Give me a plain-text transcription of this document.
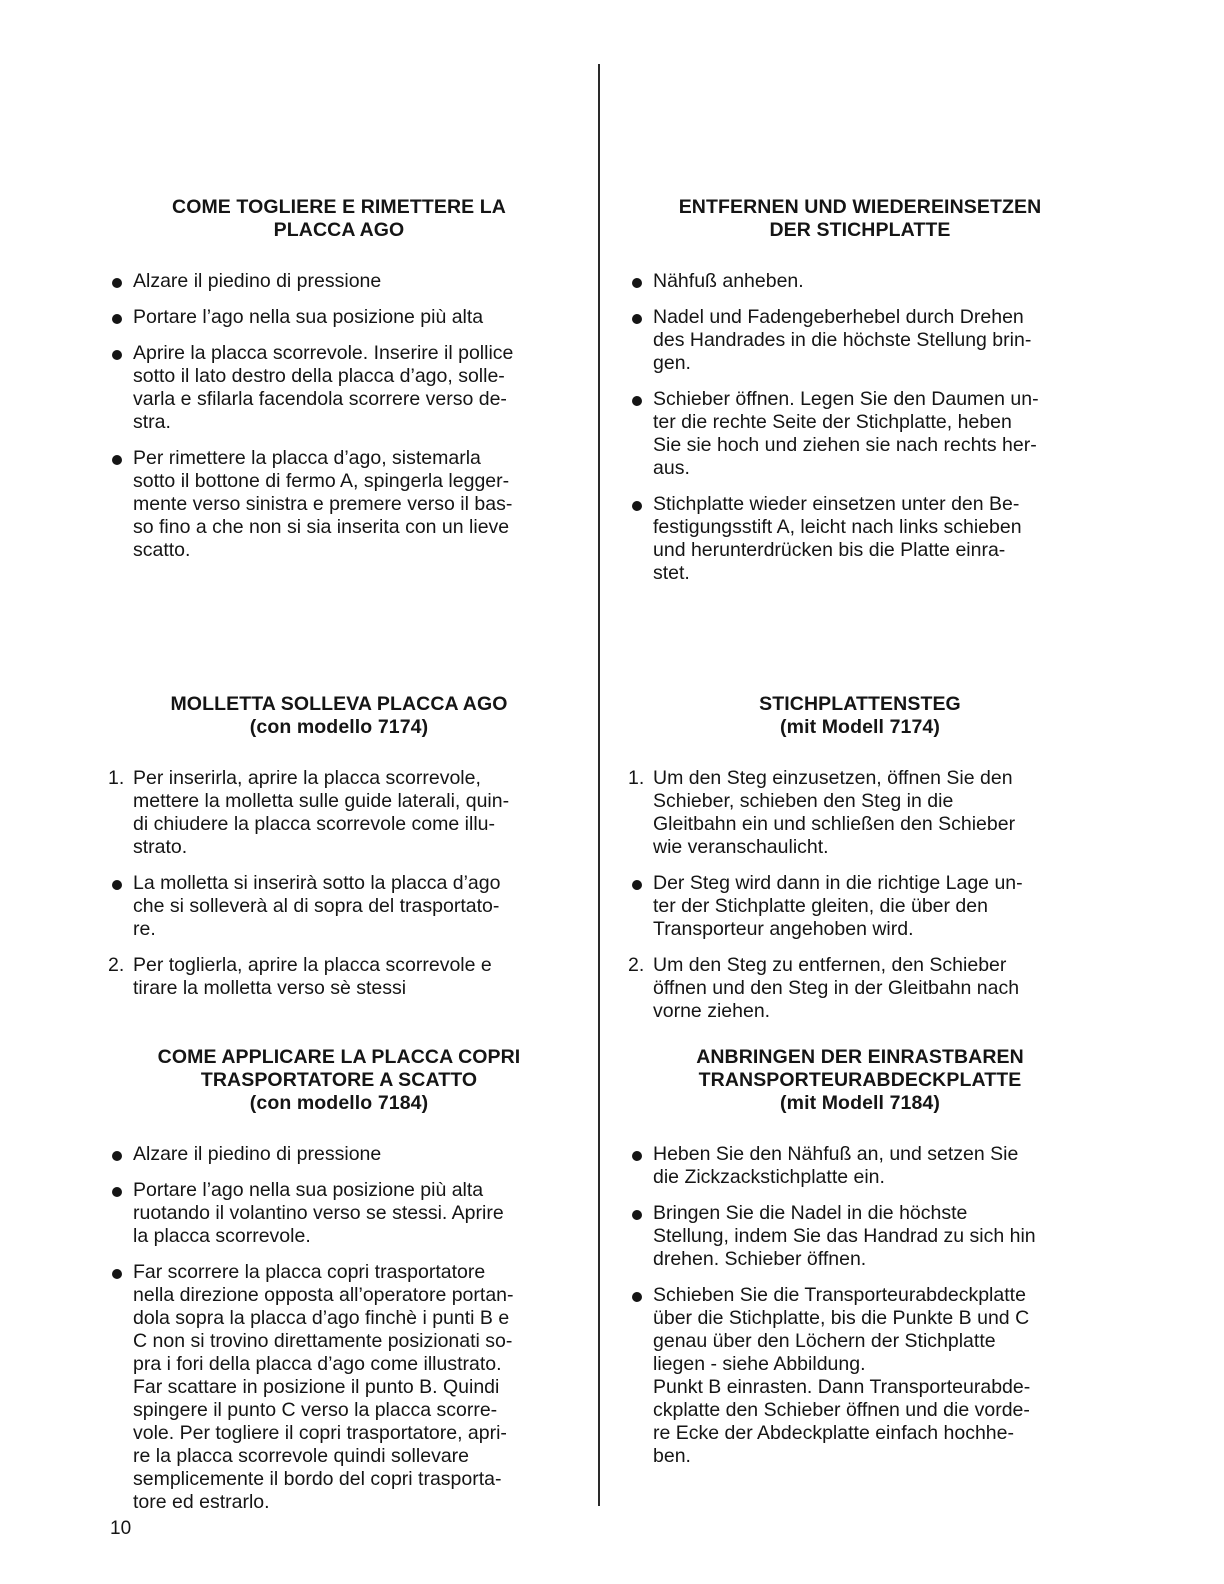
COME TOGLIERE E RIMETTERE LA
PLACCA AGO
Alzare il piedino di pressione
Portare l’ago nella sua posizione più alta
Aprire la placca scorrevole. Inserire il pollice
sotto il lato destro della placca d’ago, solle-
varla e sfilarla facendola scorrere verso de-
stra.
Per rimettere la placca d’ago, sistemarla
sotto il bottone di fermo A, spingerla legger-
mente verso sinistra e premere verso il bas-
so fino a che non si sia inserita con un lieve
scatto.
MOLLETTA SOLLEVA PLACCA AGO
(con modello 7174)
1. Per inserirla, aprire la placca scorrevole,
mettere la molletta sulle guide laterali, quin-
di chiudere la placca scorrevole come illu-
strato.
La molletta si inserirà sotto la placca d’ago
che si solleverà al di sopra del trasportato-
re.
2. Per toglierla, aprire la placca scorrevole e
tirare la molletta verso sè stessi
COME APPLICARE LA PLACCA COPRI
TRASPORTATORE A SCATTO
(con modello 7184)
Alzare il piedino di pressione
Portare l’ago nella sua posizione più alta
ruotando il volantino verso se stessi. Aprire
la placca scorrevole.
Far scorrere la placca copri trasportatore
nella direzione opposta all’operatore portan-
dola sopra la placca d’ago finchè i punti B e
C non si trovino direttamente posizionati so-
pra i fori della placca d’ago come illustrato.
Far scattare in posizione il punto B. Quindi
spingere il punto C verso la placca scorre-
vole. Per togliere il copri trasportatore, apri-
re la placca scorrevole quindi sollevare
semplicemente il bordo del copri trasporta-
tore ed estrarlo.
ENTFERNEN UND WIEDEREINSETZEN
DER STICHPLATTE
Nähfuß anheben.
Nadel und Fadengeberhebel durch Drehen
des Handrades in die höchste Stellung brin-
gen.
Schieber öffnen. Legen Sie den Daumen un-
ter die rechte Seite der Stichplatte, heben
Sie sie hoch und ziehen sie nach rechts her-
aus.
Stichplatte wieder einsetzen unter den Be-
festigungsstift A, leicht nach links schieben
und herunterdrücken bis die Platte einra-
stet.
STICHPLATTENSTEG
(mit Modell 7174)
1. Um den Steg einzusetzen, öffnen Sie den
Schieber, schieben den Steg in die
Gleitbahn ein und schließen den Schieber
wie veranschaulicht.
Der Steg wird dann in die richtige Lage un-
ter der Stichplatte gleiten, die über den
Transporteur angehoben wird.
2. Um den Steg zu entfernen, den Schieber
öffnen und den Steg in der Gleitbahn nach
vorne ziehen.
ANBRINGEN DER EINRASTBAREN
TRANSPORTEURABDECKPLATTE
(mit Modell 7184)
Heben Sie den Nähfuß an, und setzen Sie
die Zickzackstichplatte ein.
Bringen Sie die Nadel in die höchste
Stellung, indem Sie das Handrad zu sich hin
drehen. Schieber öffnen.
Schieben Sie die Transporteurabdeckplatte
über die Stichplatte, bis die Punkte B und C
genau über den Löchern der Stichplatte
liegen - siehe Abbildung.
Punkt B einrasten. Dann Transporteurabde-
ckplatte den Schieber öffnen und die vorde-
re Ecke der Abdeckplatte einfach hochhe-
ben.
10
